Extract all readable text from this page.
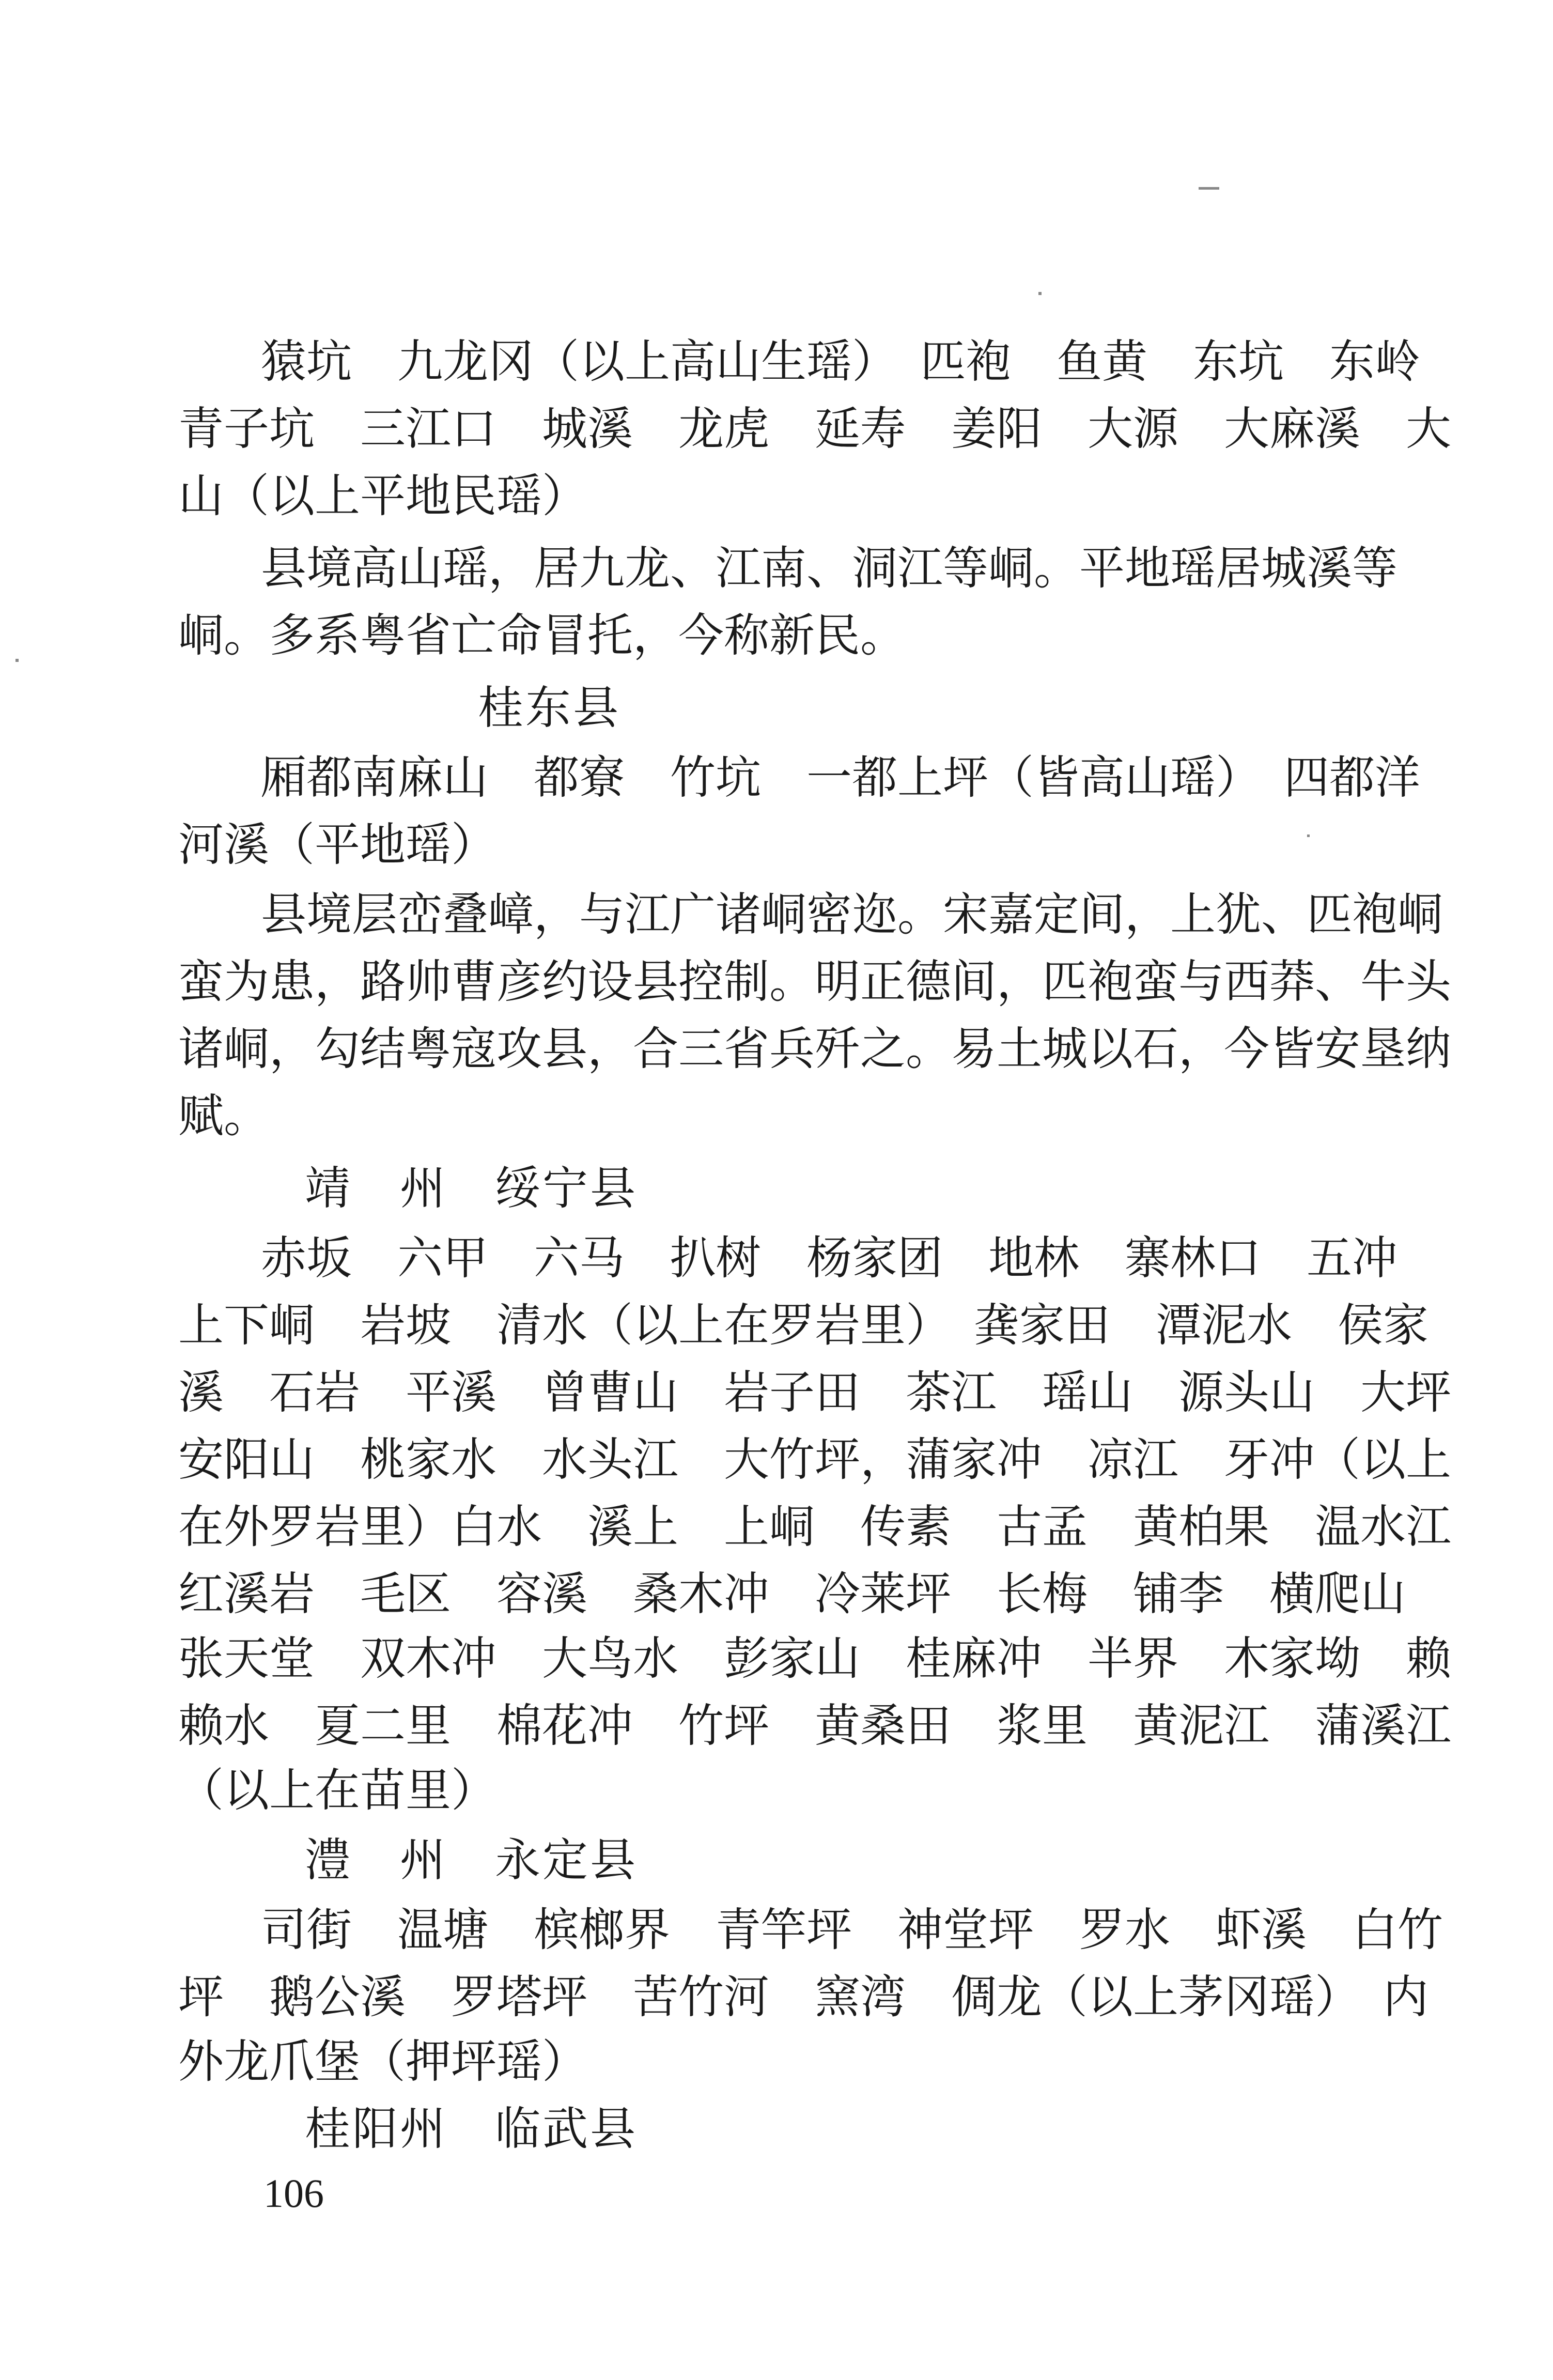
猿坑　九龙冈（以上高山生瑶）　匹袍　鱼黄　东坑　东岭
青子坑　三江口　城溪　龙虎　延寿　姜阳　大源　大麻溪　大
山（以上平地民瑶）
县境高山瑶，居九龙、江南、洞江等峒。平地瑶居城溪等
峒。多系粤省亡命冒托，今称新民。
桂东县
厢都南麻山　都寮　竹坑　一都上坪（皆高山瑶）　四都洋
河溪（平地瑶）
县境层峦叠嶂，与江广诸峒密迩。宋嘉定间，上犹、匹袍峒
蛮为患，路帅曹彦约设县控制。明正德间，匹袍蛮与西莽、牛头
诸峒，勾结粤寇攻县，合三省兵歼之。易土城以石，今皆安垦纳
赋。
靖　州　绥宁县
赤坂　六甲　六马　扒树　杨家团　地林　寨林口　五冲
上下峒　岩坡　清水（以上在罗岩里）　龚家田　潭泥水　侯家
溪　石岩　平溪　曾曹山　岩子田　茶江　瑶山　源头山　大坪
安阳山　桃家水　水头江　大竹坪，蒲家冲　凉江　牙冲（以上
在外罗岩里）白水　溪上　上峒　传素　古孟　黄柏果　温水江
红溪岩　毛区　容溪　桑木冲　冷莱坪　长梅　铺李　横爬山
张天堂　双木冲　大鸟水　彭家山　桂麻冲　半界　木家坳　赖
赖水　夏二里　棉花冲　竹坪　黄桑田　浆里　黄泥江　蒲溪江
（以上在苗里）
澧　州　永定县
司街　温塘　槟榔界　青竿坪　神堂坪　罗水　虾溪　白竹
坪　鹅公溪　罗塔坪　苦竹河　窯湾　倜龙（以上茅冈瑶）　内
外龙爪堡（押坪瑶）
桂阳州　临武县
106
